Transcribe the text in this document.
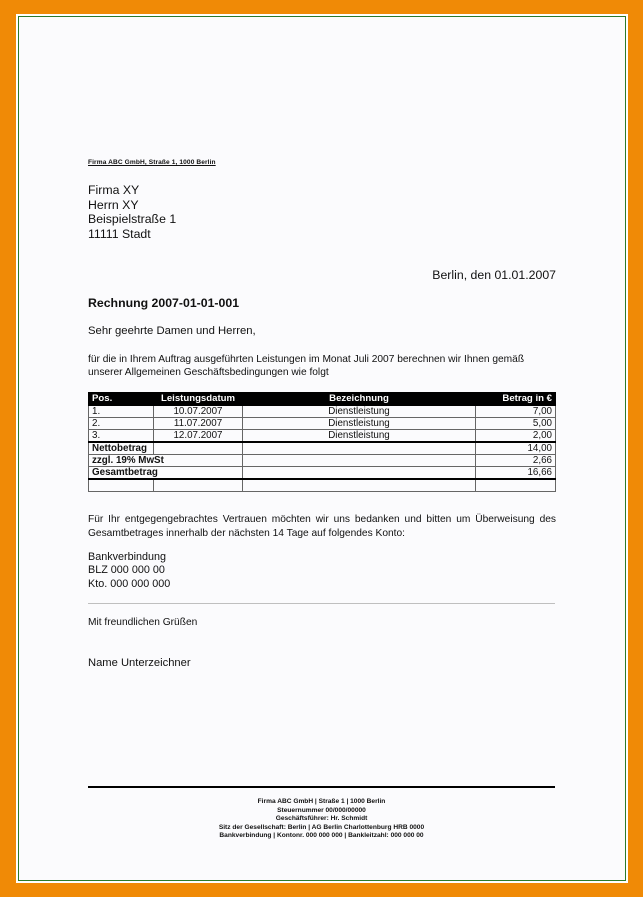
Firma ABC GmbH, Straße 1, 1000 Berlin
Firma XY
Herrn XY
Beispielstraße 1
11111 Stadt
Berlin, den 01.01.2007
Rechnung 2007-01-01-001
Sehr geehrte Damen und Herren,
für die in Ihrem Auftrag ausgeführten Leistungen im Monat Juli 2007 berechnen wir Ihnen gemäß unserer Allgemeinen Geschäftsbedingungen wie folgt
Pos.	Leistungsdatum	Bezeichnung	Betrag in €
1.	10.07.2007	Dienstleistung	7,00
2.	11.07.2007	Dienstleistung	5,00
3.	12.07.2007	Dienstleistung	2,00
Nettobetrag			14,00
zzgl. 19% MwSt			2,66
Gesamtbetrag			16,66

Für Ihr entgegengebrachtes Vertrauen möchten wir uns bedanken und bitten um Überweisung des Gesamtbetrages innerhalb der nächsten 14 Tage auf folgendes Konto:
Bankverbindung
BLZ 000 000 00
Kto. 000 000 000
Mit freundlichen Grüßen
Name Unterzeichner
Firma ABC GmbH | Straße 1 | 1000 Berlin
Steuernummer 00/000/00000
Geschäftsführer: Hr. Schmidt
Sitz der Gesellschaft: Berlin | AG Berlin Charlottenburg HRB 0000
Bankverbindung | Kontonr. 000 000 000 | Bankleitzahl: 000 000 00
